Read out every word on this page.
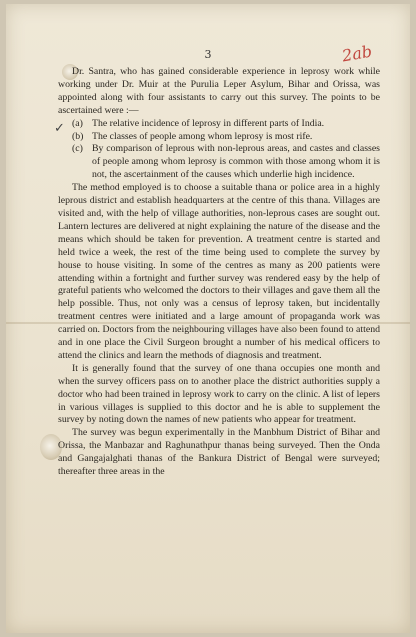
3	2ab
✓

Dr. Santra, who has gained considerable experience in leprosy work while working under Dr. Muir at the Purulia Leper Asylum, Bihar and Orissa, was appointed along with four assistants to carry out this survey. The points to be ascertained were :—

(a) The relative incidence of leprosy in different parts of India.
(b) The classes of people among whom leprosy is most rife.
(c) By comparison of leprous with non-leprous areas, and castes and classes of people among whom leprosy is common with those among whom it is not, the ascertainment of the causes which underlie high incidence.

The method employed is to choose a suitable thana or police area in a highly leprous district and establish headquarters at the centre of this thana. Villages are visited and, with the help of village authorities, non-leprous cases are sought out. Lantern lectures are delivered at night explaining the nature of the disease and the means which should be taken for prevention. A treatment centre is started and held twice a week, the rest of the time being used to complete the survey by house to house visiting. In some of the centres as many as 200 patients were attending within a fortnight and further survey was rendered easy by the help of grateful patients who welcomed the doctors to their villages and gave them all the help possible. Thus, not only was a census of leprosy taken, but incidentally treatment centres were initiated and a large amount of propaganda work was carried on. Doctors from the neighbouring villages have also been found to attend and in one place the Civil Surgeon brought a number of his medical officers to attend the clinics and learn the methods of diagnosis and treatment.

It is generally found that the survey of one thana occupies one month and when the survey officers pass on to another place the district authorities supply a doctor who had been trained in leprosy work to carry on the clinic. A list of lepers in various villages is supplied to this doctor and he is able to supplement the survey by noting down the names of new patients who appear for treatment.

The survey was begun experimentally in the Manbhum District of Bihar and Orissa, the Manbazar and Raghunathpur thanas being surveyed. Then the Onda and Gangajalghati thanas of the Bankura District of Bengal were surveyed; thereafter three areas in the
